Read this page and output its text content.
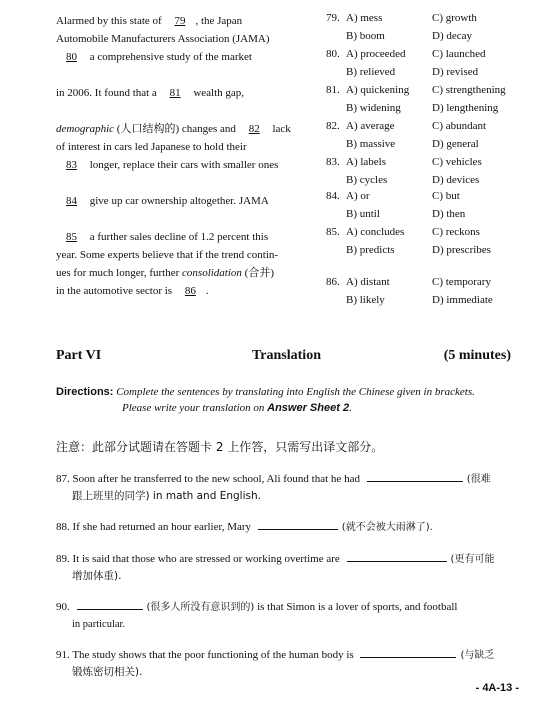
Alarmed by this state of 79 , the Japan
Automobile Manufacturers Association (JAMA)
80 a comprehensive study of the market
in 2006. It found that a 81 wealth gap,
demographic (人口结构的) changes and 82 lack
of interest in cars led Japanese to hold their
83 longer, replace their cars with smaller ones
84 give up car ownership altogether. JAMA
85 a further sales decline of 1.2 percent this
year. Some experts believe that if the trend contin-
ues for much longer, further consolidation (合并)
in the automotive sector is 86 .
79. A) mess
B) boom
C) growth
D) decay
80. A) proceeded
B) relieved
C) launched
D) revised
81. A) quickening
B) widening
C) strengthening
D) lengthening
82. A) average
B) massive
C) abundant
D) general
83. A) labels
B) cycles
C) vehicles
D) devices
84. A) or
B) until
C) but
D) then
85. A) concludes
B) predicts
C) reckons
D) prescribes
86. A) distant
B) likely
C) temporary
D) immediate
Part VI	Translation	(5 minutes)
Directions: Complete the sentences by translating into English the Chinese given in brackets.
Please write your translation on Answer Sheet 2.
注意：此部分试题请在答题卡 2 上作答，只需写出译文部分。
87. Soon after he transferred to the new school, Ali found that he had	(很难
跟上班里的同学) in math and English.
88. If she had returned an hour earlier, Mary	(就不会被大雨淋了).
89. It is said that those who are stressed or working overtime are	(更有可能
增加体重).
90.	(很多人所没有意识到的) is that Simon is a lover of sports, and football
in particular.
91. The study shows that the poor functioning of the human body is	(与缺乏
锻炼密切相关).
- 4A-13 -
